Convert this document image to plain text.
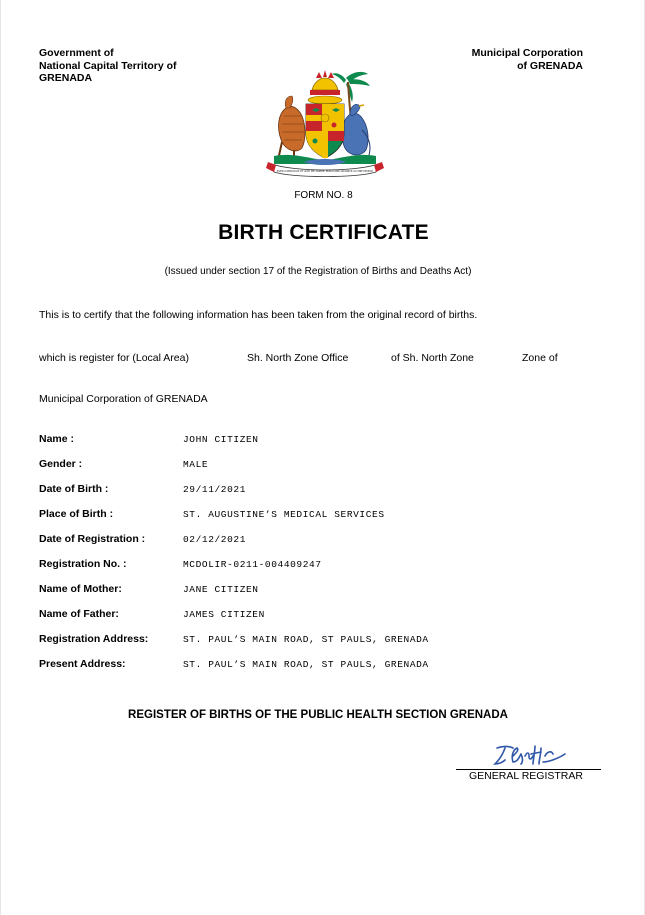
Government of
National Capital Territory of
GRENADA
Municipal Corporation
of GRENADA
EVER CONSCIOUS OF GOD WE ASPIRE, BUILD AND ADVANCE AS ONE PEOPLE
FORM NO. 8
BIRTH CERTIFICATE
(Issued under section 17 of the Registration of Births and Deaths Act)
This is to certify that the following information has been taken from the original record of births.
which is register for (Local Area)	Sh. North Zone Office	of Sh. North Zone	Zone of
Municipal Corporation of GRENADA
Name :	JOHN CITIZEN
Gender :	MALE
Date of Birth :	29/11/2021
Place of Birth :	ST. AUGUSTINE’S MEDICAL SERVICES
Date of Registration :	02/12/2021
Registration No. :	MCDOLIR-0211-004409247
Name of Mother:	JANE CITIZEN
Name of Father:	JAMES CITIZEN
Registration Address:	ST. PAUL’S MAIN ROAD, ST PAULS, GRENADA
Present Address:	ST. PAUL’S MAIN ROAD, ST PAULS, GRENADA
REGISTER OF BIRTHS OF THE PUBLIC HEALTH SECTION GRENADA
GENERAL REGISTRAR
